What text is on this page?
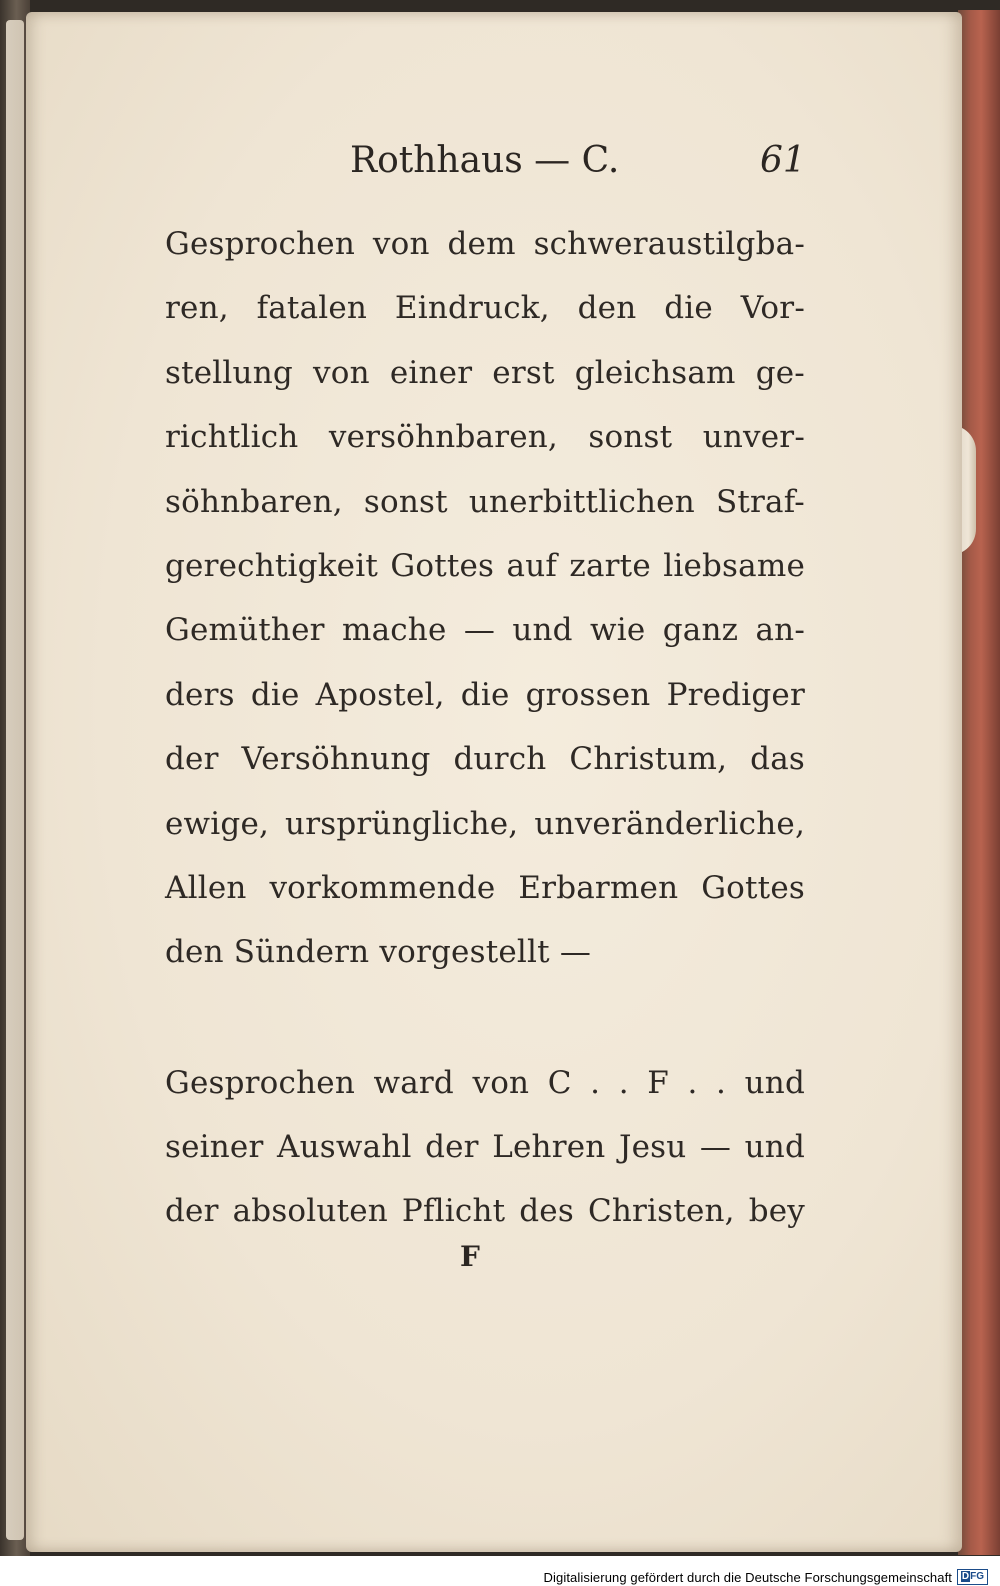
Rothhaus — C.	61
Gesprochen von dem schweraustilgba-
ren, fatalen Eindruck, den die Vor-
stellung von einer erst gleichsam ge-
richtlich versöhnbaren, sonst unver-
söhnbaren, sonst unerbittlichen Straf-
gerechtigkeit Gottes auf zarte liebsame
Gemüther mache — und wie ganz an-
ders die Apostel, die grossen Prediger
der Versöhnung durch Christum, das
ewige, ursprüngliche, unveränderliche,
Allen vorkommende Erbarmen Gottes
den Sündern vorgestellt —
Gesprochen ward von C . . F . . und
seiner Auswahl der Lehren Jesu — und
der absoluten Pflicht des Christen, bey
F
Digitalisierung gefördert durch die Deutsche Forschungsgemeinschaft DFG
